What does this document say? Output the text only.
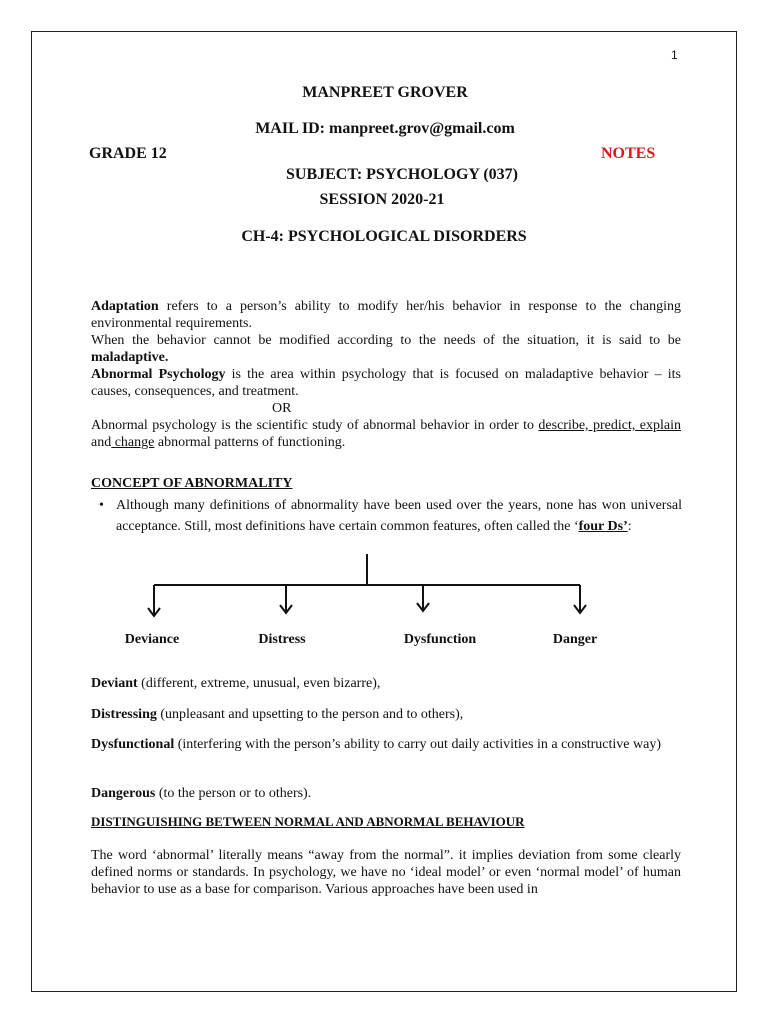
1
MANPREET GROVER
MAIL ID: manpreet.grov@gmail.com
GRADE 12	NOTES
SUBJECT: PSYCHOLOGY (037)
SESSION 2020-21
CH-4: PSYCHOLOGICAL DISORDERS

Adaptation refers to a person’s ability to modify her/his behavior in response to the changing environmental requirements.

When the behavior cannot be modified according to the needs of the situation, it is said to be maladaptive.

Abnormal Psychology is the area within psychology that is focused on maladaptive behavior – its causes, consequences, and treatment.

OR

Abnormal psychology is the scientific study of abnormal behavior in order to describe, predict, explain and change abnormal patterns of functioning.

CONCEPT OF ABNORMALITY
• Although many definitions of abnormality have been used over the years, none has won universal acceptance. Still, most definitions have certain common features, often called the ‘four Ds’:
Deviance	Distress	Dysfunction	Danger
Deviant (different, extreme, unusual, even bizarre),
Distressing (unpleasant and upsetting to the person and to others),
Dysfunctional (interfering with the person’s ability to carry out daily activities in a constructive way)
Dangerous (to the person or to others).
DISTINGUISHING BETWEEN NORMAL AND ABNORMAL BEHAVIOUR
The word ‘abnormal’ literally means “away from the normal”. it implies deviation from some clearly defined norms or standards. In psychology, we have no ‘ideal model’ or even ‘normal model’ of human behavior to use as a base for comparison. Various approaches have been used in
